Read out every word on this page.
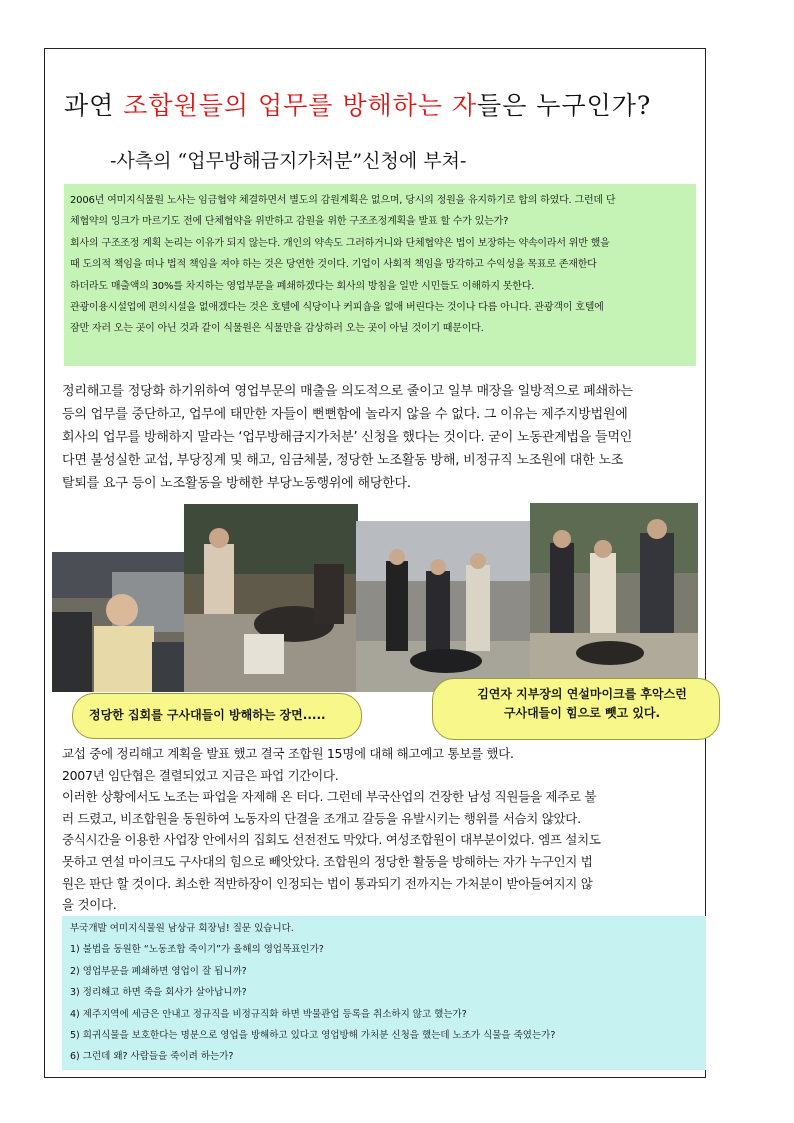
과연 조합원들의 업무를 방해하는 자들은 누구인가?
-사측의 “업무방해금지가처분”신청에 부쳐-

2006년 여미지식물원 노사는 임금협약 체결하면서 별도의 감원계획은 없으며, 당시의 정원을 유지하기로 합의 하였다. 그런데 단

체협약의 잉크가 마르기도 전에 단체협약을 위반하고 감원을 위한 구조조정계획을 발표 할 수가 있는가?

회사의 구조조정 계획 논리는 이유가 되지 않는다. 개인의 약속도 그러하거니와 단체협약은 법이 보장하는 약속이라서 위반 했을

때 도의적 책임을 떠나 법적 책임을 져야 하는 것은 당연한 것이다. 기업이 사회적 책임을 망각하고 수익성을 목표로 존재한다

하더라도 매출액의 30%를 차지하는 영업부문을 폐쇄하겠다는 회사의 방침을 일반 시민들도 이해하지 못한다.

관광이용시설업에 편의시설을 없애겠다는 것은 호텔에 식당이나 커피숍을 없애 버린다는 것이나 다름 아니다. 관광객이 호텔에

잠만 자러 오는 곳이 아닌 것과 같이 식물원은 식물만을 감상하러 오는 곳이 아닐 것이기 때문이다.

정리해고를 정당화 하기위하여 영업부문의 매출을 의도적으로 줄이고 일부 매장을 일방적으로 폐쇄하는

등의 업무를 중단하고, 업무에 태만한 자들이 뻔뻔함에 놀라지 않을 수 없다. 그 이유는 제주지방법원에

회사의 업무를 방해하지 말라는 ‘업무방해금지가처분’ 신청을 했다는 것이다. 굳이 노동관계법을 들먹인

다면 불성실한 교섭, 부당징계 및 해고, 임금체불, 정당한 노조활동 방해, 비정규직 노조원에 대한 노조

탈퇴를 요구 등이 노조활동을 방해한 부당노동행위에 해당한다.

정당한 집회를 구사대들이 방해하는 장면.....
김연자 지부장의 연설마이크를 후악스런
구사대들이 힘으로 뺏고 있다.

교섭 중에 정리해고 계획을 발표 했고 결국 조합원 15명에 대해 해고예고 통보를 했다.

2007년 임단협은 결렬되었고 지금은 파업 기간이다.

이러한 상황에서도 노조는 파업을 자제해 온 터다. 그런데 부국산업의 건장한 남성 직원들을 제주로 불

러 드렸고, 비조합원을 동원하여 노동자의 단결을 조개고 갈등을 유발시키는 행위를 서슴치 않았다.

중식시간을 이용한 사업장 안에서의 집회도 선전전도 막았다. 여성조합원이 대부분이었다. 엠프 설치도

못하고 연설 마이크도 구사대의 힘으로 빼앗았다. 조합원의 정당한 활동을 방해하는 자가 누구인지 법

원은 판단 할 것이다. 최소한 적반하장이 인정되는 법이 통과되기 전까지는 가처분이 받아들여지지 않

을 것이다.

부국개발 여미지식물원 남상규 회장님! 질문 있습니다.

1) 불법을 동원한 “노동조합 죽이기”가 올해의 영업목표인가?

2) 영업부문을 폐쇄하면 영업이 잘 됩니까?

3) 정리해고 하면 죽을 회사가 살아납니까?

4) 제주지역에 세금은 안내고 정규직을 비정규직화 하면 박물관업 등록을 취소하지 않고 했는가?

5) 희귀식물을 보호한다는 명분으로 영업을 방해하고 있다고 영업방해 가처분 신청을 했는데 노조가 식물을 죽였는가?

6) 그런데 왜? 사람들을 죽이려 하는가?
